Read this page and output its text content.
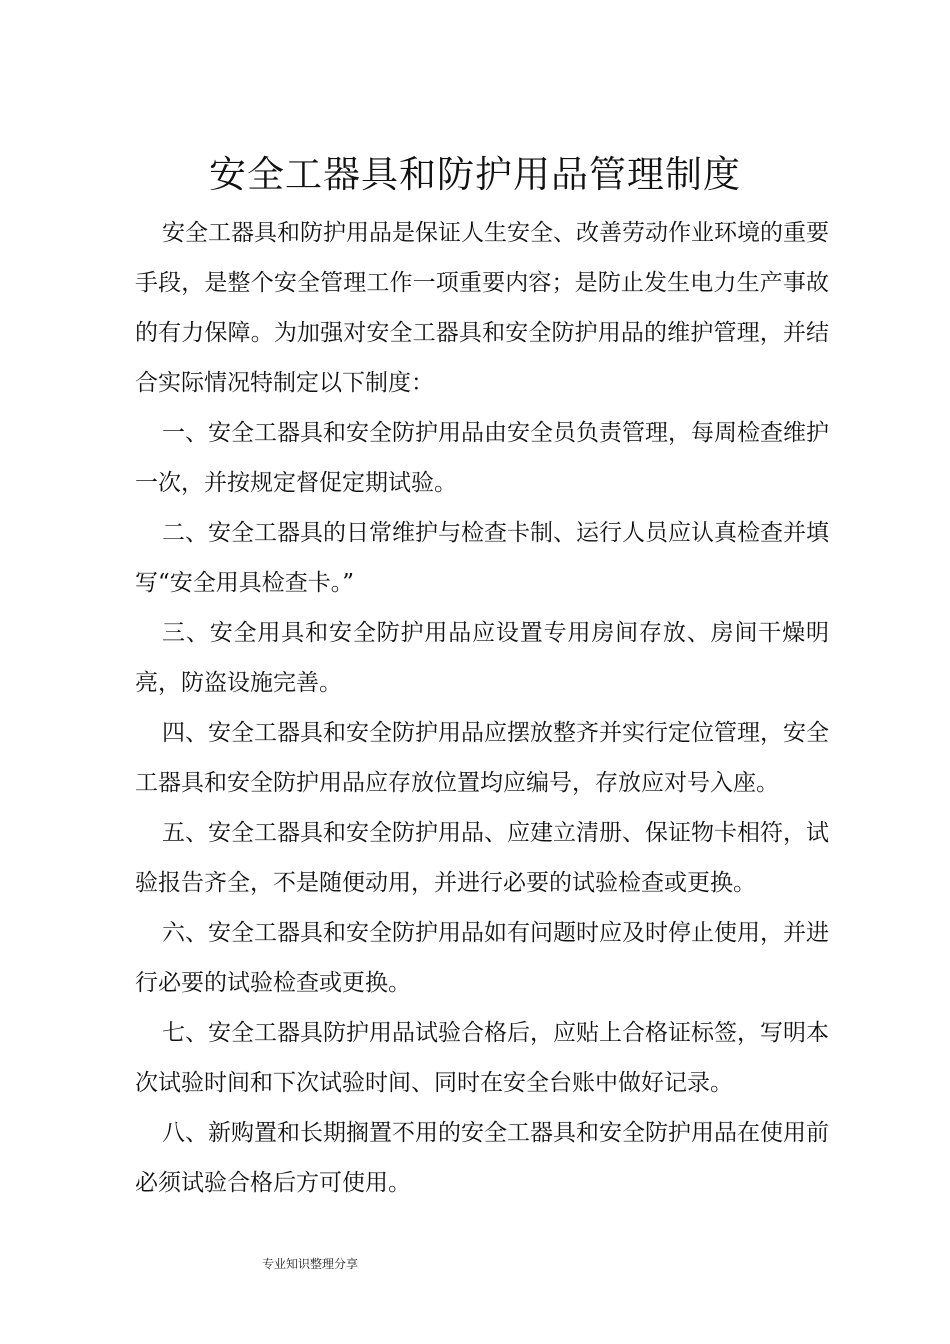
安全工器具和防护用品管理制度

安全工器具和防护用品是保证人生安全、改善劳动作业环境的重要手段，是整个安全管理工作一项重要内容；是防止发生电力生产事故的有力保障。为加强对安全工器具和安全防护用品的维护管理，并结合实际情况特制定以下制度：

一、安全工器具和安全防护用品由安全员负责管理，每周检查维护一次，并按规定督促定期试验。

二、安全工器具的日常维护与检查卡制、运行人员应认真检查并填写“安全用具检查卡。”

三、安全用具和安全防护用品应设置专用房间存放、房间干燥明亮，防盗设施完善。

四、安全工器具和安全防护用品应摆放整齐并实行定位管理，安全工器具和安全防护用品应存放位置均应编号，存放应对号入座。

五、安全工器具和安全防护用品、应建立清册、保证物卡相符，试验报告齐全，不是随便动用，并进行必要的试验检查或更换。

六、安全工器具和安全防护用品如有问题时应及时停止使用，并进行必要的试验检查或更换。

七、安全工器具防护用品试验合格后，应贴上合格证标签，写明本次试验时间和下次试验时间、同时在安全台账中做好记录。

八、新购置和长期搁置不用的安全工器具和安全防护用品在使用前必须试验合格后方可使用。

专业知识整理分享
